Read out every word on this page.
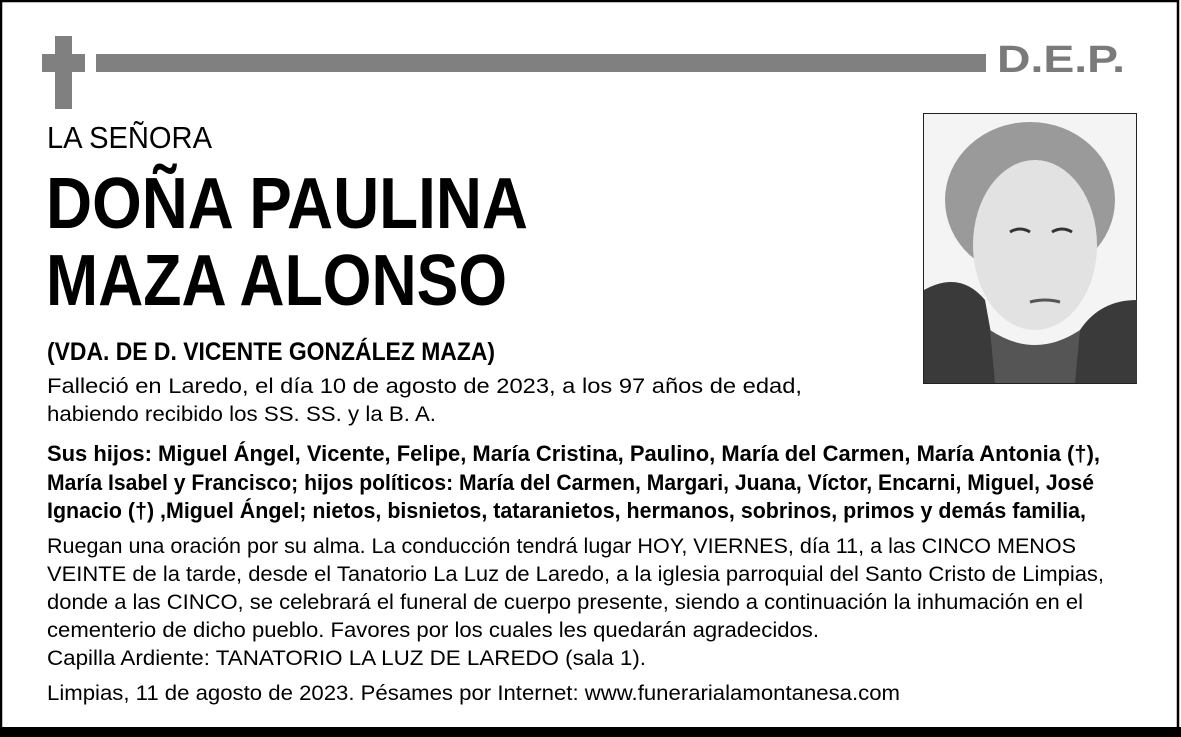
D.E.P.
LA SEÑORA
DOÑA PAULINA
MAZA ALONSO
(VDA. DE D. VICENTE GONZÁLEZ MAZA)
Falleció en Laredo, el día 10 de agosto de 2023, a los 97 años de edad,
habiendo recibido los SS. SS. y la B. A.
Sus hijos: Miguel Ángel, Vicente, Felipe, María Cristina, Paulino, María del Carmen, María Antonia (†),
María Isabel y Francisco; hijos políticos: María del Carmen, Margari, Juana, Víctor, Encarni, Miguel, José
Ignacio (†) ,Miguel Ángel; nietos, bisnietos, tataranietos, hermanos, sobrinos, primos y demás familia,
Ruegan una oración por su alma. La conducción tendrá lugar HOY, VIERNES, día 11, a las CINCO MENOS
VEINTE de la tarde, desde el Tanatorio La Luz de Laredo, a la iglesia parroquial del Santo Cristo de Limpias,
donde a las CINCO, se celebrará el funeral de cuerpo presente, siendo a continuación la inhumación en el
cementerio de dicho pueblo. Favores por los cuales les quedarán agradecidos.
Capilla Ardiente: TANATORIO LA LUZ DE LAREDO (sala 1).
Limpias, 11 de agosto de 2023. Pésames por Internet: www.funerarialamontanesa.com
